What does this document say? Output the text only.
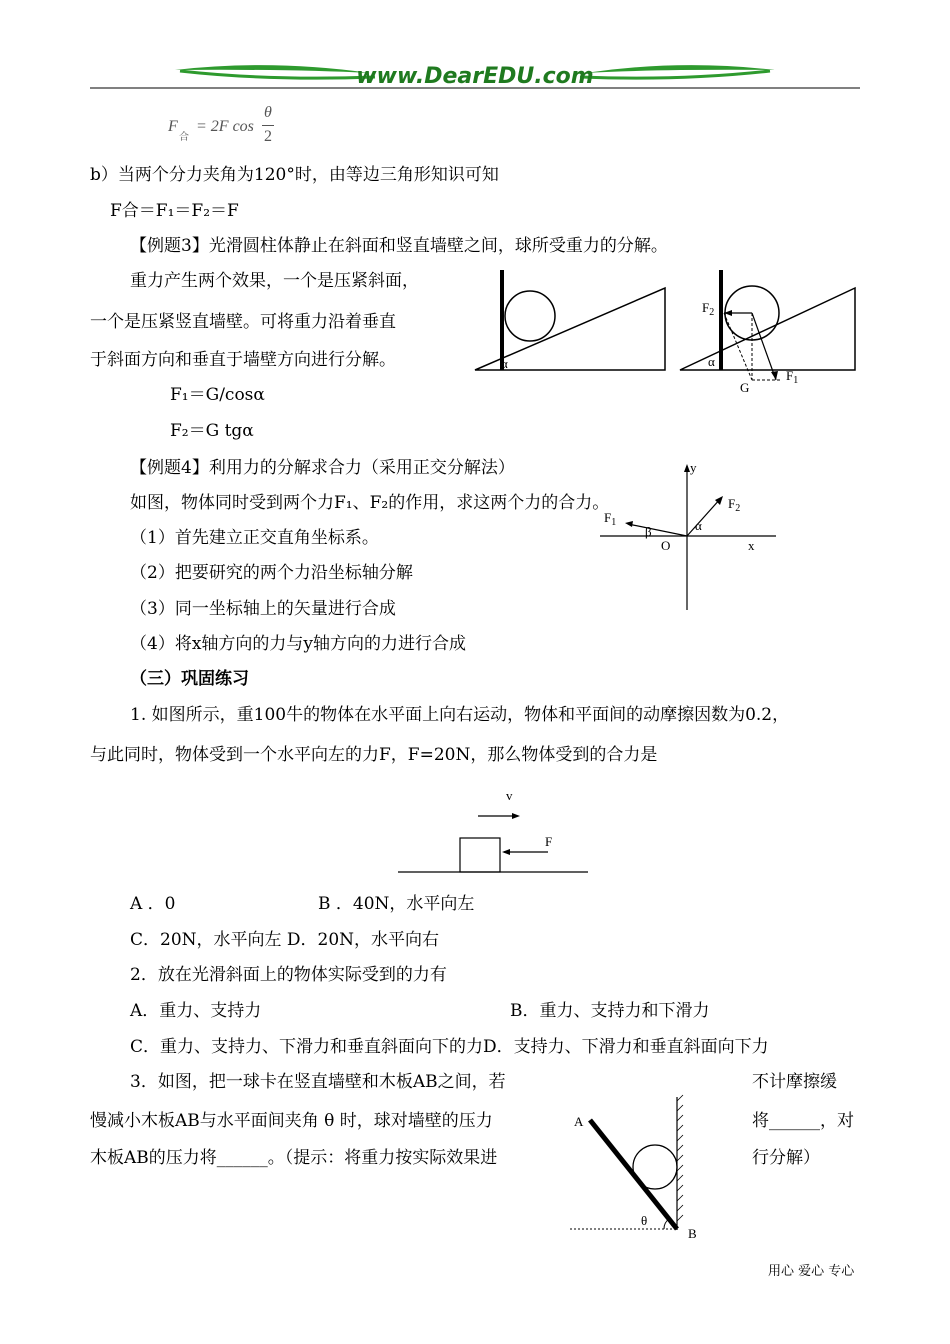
www.DearEDU.com
F
合
= 2F cos
θ
2
b）当两个分力夹角为120°时，由等边三角形知识可知
F合＝F₁＝F₂＝F
【例题3】光滑圆柱体静止在斜面和竖直墙壁之间，球所受重力的分解。
重力产生两个效果，一个是压紧斜面，
一个是压紧竖直墙壁。可将重力沿着垂直
于斜面方向和垂直于墙壁方向进行分解。
F₁＝G/cosα
F₂＝G tgα
α
$F_2$
$F_1$
G
α
【例题4】利用力的分解求合力（采用正交分解法）
如图，物体同时受到两个力F₁、F₂的作用，求这两个力的合力。
（1）首先建立正交直角坐标系。
（2）把要研究的两个力沿坐标轴分解
（3）同一坐标轴上的矢量进行合成
（4）将x轴方向的力与y轴方向的力进行合成
y
x
O
$F_2$
$F_1$	α
β
（三）巩固练习
1. 如图所示，重100牛的物体在水平面上向右运动，物体和平面间的动摩擦因数为0.2，
与此同时，物体受到一个水平向左的力F，F=20N，那么物体受到的合力是
v
F
A ．0	B ．40N，水平向左
C．20N，水平向左 D．20N，水平向右
2．放在光滑斜面上的物体实际受到的力有
A．重力、支持力	B．重力、支持力和下滑力
C．重力、支持力、下滑力和垂直斜面向下的力D．支持力、下滑力和垂直斜面向下力
3．如图，把一球卡在竖直墙壁和木板AB之间，若	不计摩擦缓
慢减小木板AB与水平面间夹角 θ 时，球对墙壁的压力	将______，对
木板AB的压力将______。（提示：将重力按实际效果进	行分解）
A
B
θ
用心 爱心 专心
